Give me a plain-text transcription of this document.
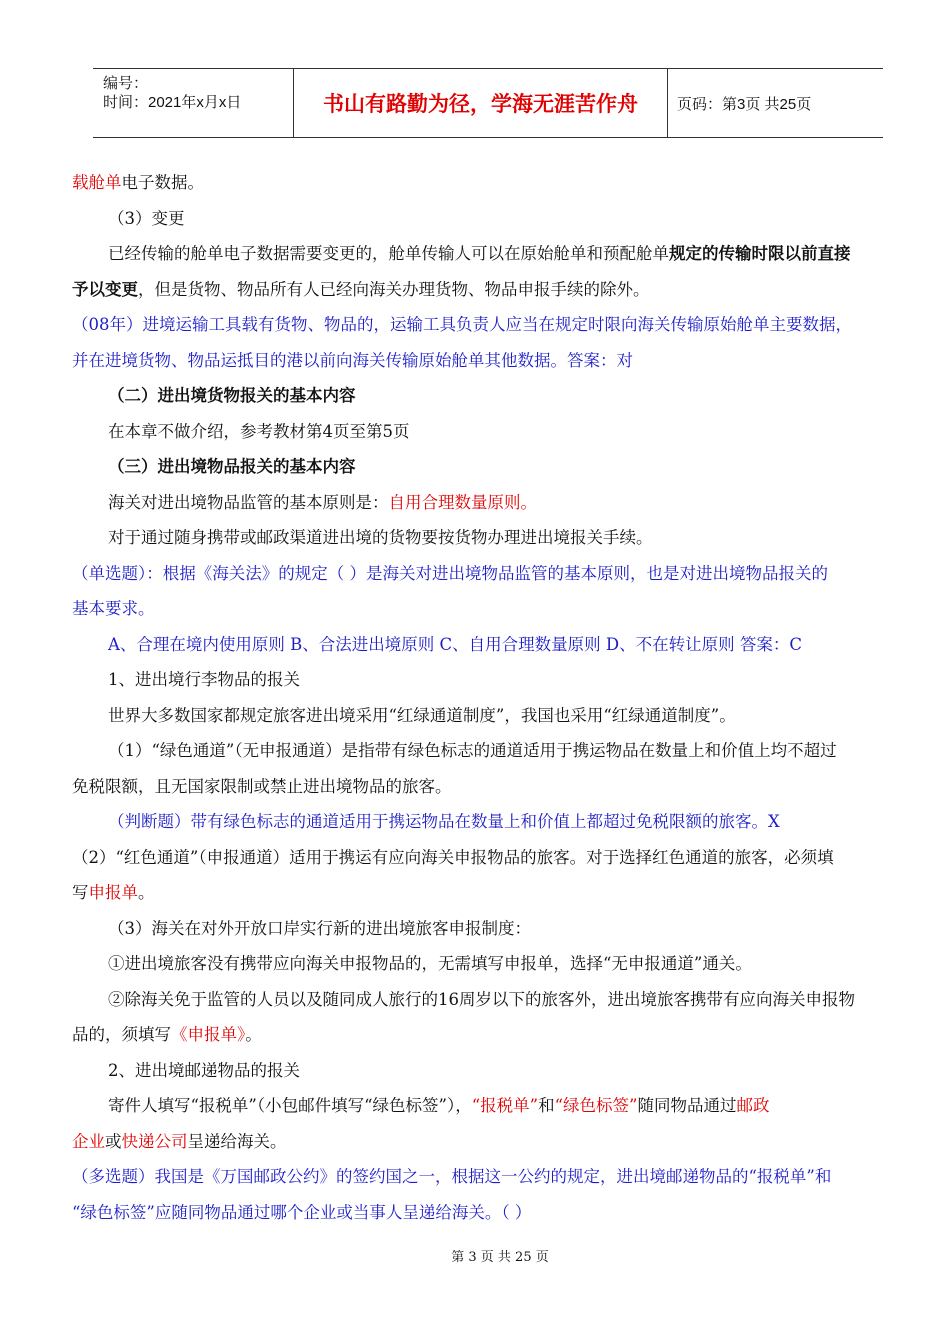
编号：
时间：2021年x月x日	书山有路勤为径，学海无涯苦作舟	页码：第3页 共25页

载舱单电子数据。

（3）变更

已经传输的舱单电子数据需要变更的，舱单传输人可以在原始舱单和预配舱单规定的传输时限以前直接

予以变更，但是货物、物品所有人已经向海关办理货物、物品申报手续的除外。

（08年）进境运输工具载有货物、物品的，运输工具负责人应当在规定时限向海关传输原始舱单主要数据，

并在进境货物、物品运抵目的港以前向海关传输原始舱单其他数据。答案：对

（二）进出境货物报关的基本内容

在本章不做介绍，参考教材第4页至第5页

（三）进出境物品报关的基本内容

海关对进出境物品监管的基本原则是：自用合理数量原则。

对于通过随身携带或邮政渠道进出境的货物要按货物办理进出境报关手续。

（单选题）：根据《海关法》的规定（ ）是海关对进出境物品监管的基本原则，也是对进出境物品报关的

基本要求。

A、合理在境内使用原则 B、合法进出境原则 C、自用合理数量原则 D、不在转让原则 答案：C

1、进出境行李物品的报关

世界大多数国家都规定旅客进出境采用“红绿通道制度”，我国也采用“红绿通道制度”。

（1）“绿色通道”（无申报通道）是指带有绿色标志的通道适用于携运物品在数量上和价值上均不超过

免税限额，且无国家限制或禁止进出境物品的旅客。

（判断题）带有绿色标志的通道适用于携运物品在数量上和价值上都超过免税限额的旅客。X

（2）“红色通道”（申报通道）适用于携运有应向海关申报物品的旅客。对于选择红色通道的旅客，必须填

写申报单。

（3）海关在对外开放口岸实行新的进出境旅客申报制度：

①进出境旅客没有携带应向海关申报物品的，无需填写申报单，选择“无申报通道”通关。

②除海关免于监管的人员以及随同成人旅行的16周岁以下的旅客外，进出境旅客携带有应向海关申报物

品的，须填写《申报单》。

2、进出境邮递物品的报关

寄件人填写“报税单”（小包邮件填写“绿色标签”），“报税单”和“绿色标签”随同物品通过邮政

企业或快递公司呈递给海关。

（多选题）我国是《万国邮政公约》的签约国之一，根据这一公约的规定，进出境邮递物品的“报税单”和

“绿色标签”应随同物品通过哪个企业或当事人呈递给海关。（ ）

第 3 页 共 25 页
